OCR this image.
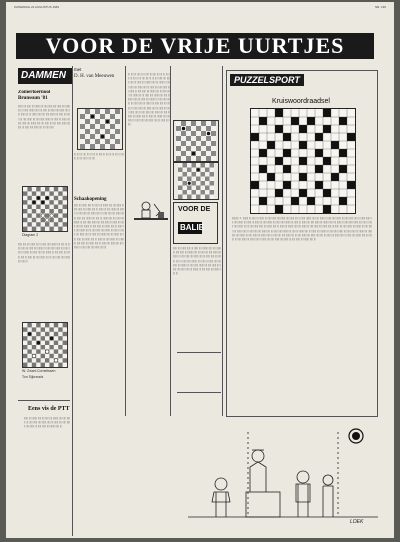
ZATERDAG 22 AUGUSTUS 1981	NR. 196
VOOR DE VRIJE UURTJES
DAMMEN	met
D. H. van Meeuwen
Zomertoernooi Brunssum '81
||||||| |||| |||||| ||| |||||||| |||| ||||| |||||| ||||| |||||| |||| ||||||| |||| ||| |||||| |||||||| ||||| |||| |||||| ||| |||||| ||||| ||||||| |||| ||||| |||||| |||| ||| ||||||| |||||| |||| ||||| ||||||| |||| |||||| ||| |||||| |||| ||||| ||||||| |||| ||||| |||||| ||||||| |||| |||||| ||| ||||||| |||| ||||| |||||| |||| |||||||| ||||| |||| |||||| ||| ||||| |||||| ||||||| |||| ||||| ||| |||||| ||||| ||||||| |||| ||| ||||| ||||||
Diagram 2
|||||| ||||| |||| ||||||| |||| ||| |||||| ||||| |||||||| |||| ||||| ||| ||||||| ||||| |||| |||||| |||| |||||||| ||| ||||| |||||| ||||||| |||| ||||| |||||| ||| ||||||| |||| |||||| ||||| |||| |||||||| ||| ||||| |||||| |||| ||||||| ||||| ||| |||||| |||| ||||| ||||||| |||| ||| ||||| |||||| ||||| ||||||| |||| ||||| |||
W. Zwart-Cornelissen
Ton Sijbrands
Eens vis de PTT
|||||| |||| ||||||| ||||| ||| |||||| |||| |||||||| ||||| |||| ||||||| ||| ||||| |||||| |||| ||||||| ||||| ||| |||||| |||| ||||| ||||||| |||| ||||||| ||| ||||| |||||| |||| ||||||| ||||| |||
||| |||| ||| |||| ||| ||| |||| ||| ||||| ||| |||| ||| ||| |||| ||| |||| ||| ||| |||| |||| ||| ||| ||||
Schaakopening
|||||| |||| ||||||| ||||| ||| |||||| |||| |||||||| ||||| |||| ||||||| ||| ||||| |||||| |||| ||||||| ||||| ||| |||||| |||| ||||| ||||||| |||| ||||||| ||| ||||| |||||| |||| ||||||| ||||| ||| |||||| ||||| |||| ||||||| |||| ||| |||||| ||||| |||||||| |||| ||||| ||| ||||||| ||||| |||| |||||| |||| |||||||| ||| ||||| |||||| ||||||| |||| ||||| |||||| ||| ||||||| |||| |||||| ||||| |||| |||||||| ||| ||||| |||||| |||| ||||||| ||||| ||| |||||| |||| ||||| ||||||| |||| ||| ||||| |||||| ||||| ||||||| |||| ||||| ||| |||||| |||| ||||||| ||||| ||| |||||| |||| |||||||| ||||| |||| ||||||| ||| ||||| |||||| |||| ||||||| ||||| ||| |||||| |||| ||||| ||||||| |||| ||||||| ||| ||||| |||||| |||| ||||||| ||||| ||| ||||||| |||| |||||| ||||| |||| |||||||| ||| ||||| |||||| |||| ||||||| ||||| |||
||| |||| ||| |||| ||| ||| |||| ||| ||||| ||| |||| ||| ||| |||| ||| |||| ||| ||| |||| |||| ||| ||| |||| |||||| |||| ||||||| ||||| ||| |||||| |||| |||||||| ||||| |||| ||||||| ||| ||||| |||||| |||| ||||||| ||||| ||| |||||| |||| ||||| ||||||| |||| ||||||| ||| ||||| |||||| |||| ||||||| ||||| ||| |||||| ||||| |||| ||||||| |||| ||| |||||| ||||| |||||||| |||| ||||| ||| ||||||| ||||| |||| |||||| |||| |||||||| ||| ||||| |||||| ||||||| |||| ||||| |||||| ||| ||||||| |||| |||||| ||||| |||| |||||||| ||| ||||| |||||| |||| ||||||| ||||| ||| |||||| |||| ||||| ||||||| |||| ||| ||||| |||||| ||||| ||||||| |||| ||||| ||| |||||| |||| ||||||| ||||| ||| |||||| |||| |||||||| ||||| |||| ||||||| ||| ||||| |||||| |||| ||||||| ||||| ||| |||||| |||| |||||
|||||| |||| ||||||| ||||| ||| |||||| |||| |||||||| ||||| |||| ||||||| ||| ||||| |||||| |||| ||||||| ||||| ||| |||||| |||| ||||| ||||||| |||| ||||||| ||| ||||| |||||| |||| ||||||| ||||| ||| |||||| ||||| |||| ||||||| |||| ||| |||||| ||||| |||||||| |||| ||||| ||| ||||||| ||||| |||| |||||| |||| |||||||| ||| ||||| |||||| ||||||| |||| ||||| |||||| ||| ||||||| |||| |||||| ||||| |||| |||||||| ||| ||||| |||||| |||| ||||||| ||||| |||
VOOR DE
BALIE
PUZZELSPORT
Kruiswoordraadsel
|||||||||| 1. |||||||| ||| |||||| ||| ||||||| |||| ||||| |||||| ||||| |||||| |||| ||||||| |||| ||| |||||| |||||||| ||||| |||| |||||| ||| |||||| ||||| ||||||| |||| ||||| |||||| |||| ||| ||||||| |||||| |||| ||||| ||||||| |||| |||||| ||| |||||| |||| ||||| ||||||| |||| ||||| |||||| ||||||| |||| |||||| ||| ||||||| |||| ||||| |||||| |||| |||||||| ||||| |||| |||||| ||| ||||| |||||| ||||||| |||| ||||| ||| |||||| ||||| ||||||| |||| ||| ||||| |||||| |||||| |||| ||||||| ||||| ||| |||||| |||| |||||||| ||||| |||| ||||||| ||| ||||| |||||| |||| ||||||| ||||| ||| |||||| |||| ||||| ||||||| |||| ||||||| ||| ||||| |||||| |||| ||||||| ||||| ||| |||||| ||||| |||| ||||||| |||| ||| |||||| ||||| |||||||| |||| ||||| ||| ||||||| ||||| |||| |||||| |||| |||||||| ||| ||||| |||||| ||||||| |||| ||||| |||||| ||| ||||||| |||| |||||| ||||| |||| |||||||| ||| ||||| |||||| |||| ||||||| ||||| ||| |||||| |||| ||||| ||||||| |||| ||| ||||| |||||| ||||| ||||||| |||| ||||| ||| |||||| |||| ||||||| ||||| ||| |||||| |||| |||||||| ||||| |||| ||||||| ||| ||||| |||||| |||| ||||||| ||||| ||| |||||| |||| ||||| ||||||| |||| ||||||| ||| ||||| |||||| |||| ||||||| ||||| |||
LOEK
